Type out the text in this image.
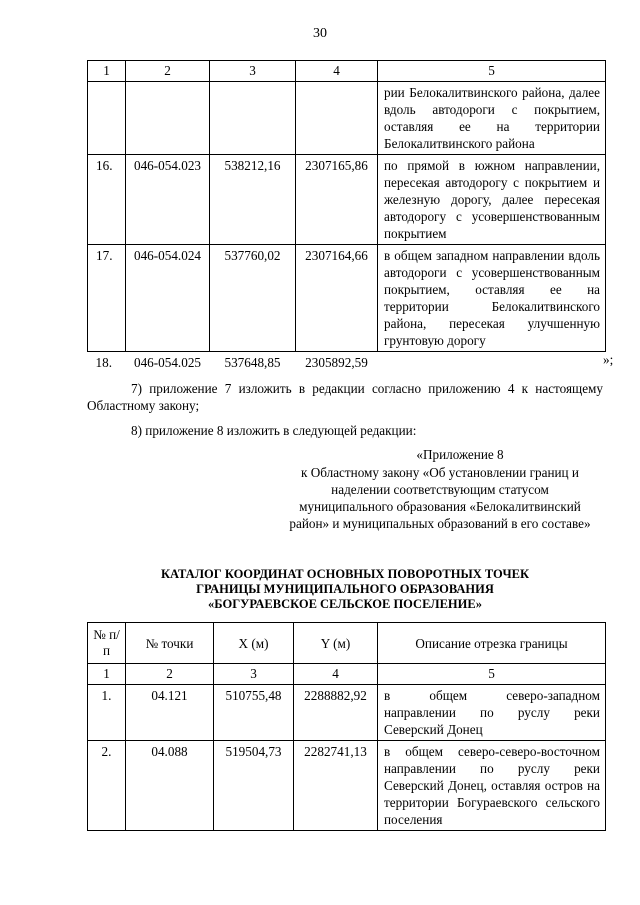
30
1	2	3	4	5
				рии Белокалитвинского района, далее вдоль автодороги с покрытием, оставляя ее на территории Белокалитвинского района
16.	046-054.023	538212,16	2307165,86	по прямой в южном направлении, пересекая автодорогу с покрытием и железную дорогу, далее пересекая автодорогу с усовершенствованным покрытием
17.	046-054.024	537760,02	2307164,66	в общем западном направлении вдоль автодороги с усовершенствованным покрытием, оставляя ее на территории Белокалитвинского района, пересекая улучшенную грунтовую дорогу
18.	046-054.025	537648,85	2305892,59		»;
7) приложение 7 изложить в редакции согласно приложению 4 к настоящему Областному закону;
8) приложение 8 изложить в следующей редакции:
«Приложение 8
к Областному закону «Об установлении границ и наделении соответствующим статусом муниципального образования «Белокалитвинский район» и муниципальных образований в его составе»
КАТАЛОГ КООРДИНАТ ОСНОВНЫХ ПОВОРОТНЫХ ТОЧЕК
ГРАНИЦЫ МУНИЦИПАЛЬНОГО ОБРАЗОВАНИЯ
«БОГУРАЕВСКОЕ СЕЛЬСКОЕ ПОСЕЛЕНИЕ»
№ п/п	№ точки	X (м)	Y (м)	Описание отрезка границы
1	2	3	4	5
1.	04.121	510755,48	2288882,92	в общем северо-западном направлении по руслу реки Северский Донец
2.	04.088	519504,73	2282741,13	в общем северо-северо-восточном направлении по руслу реки Северский Донец, оставляя остров на территории Богураевского сельского поселения
